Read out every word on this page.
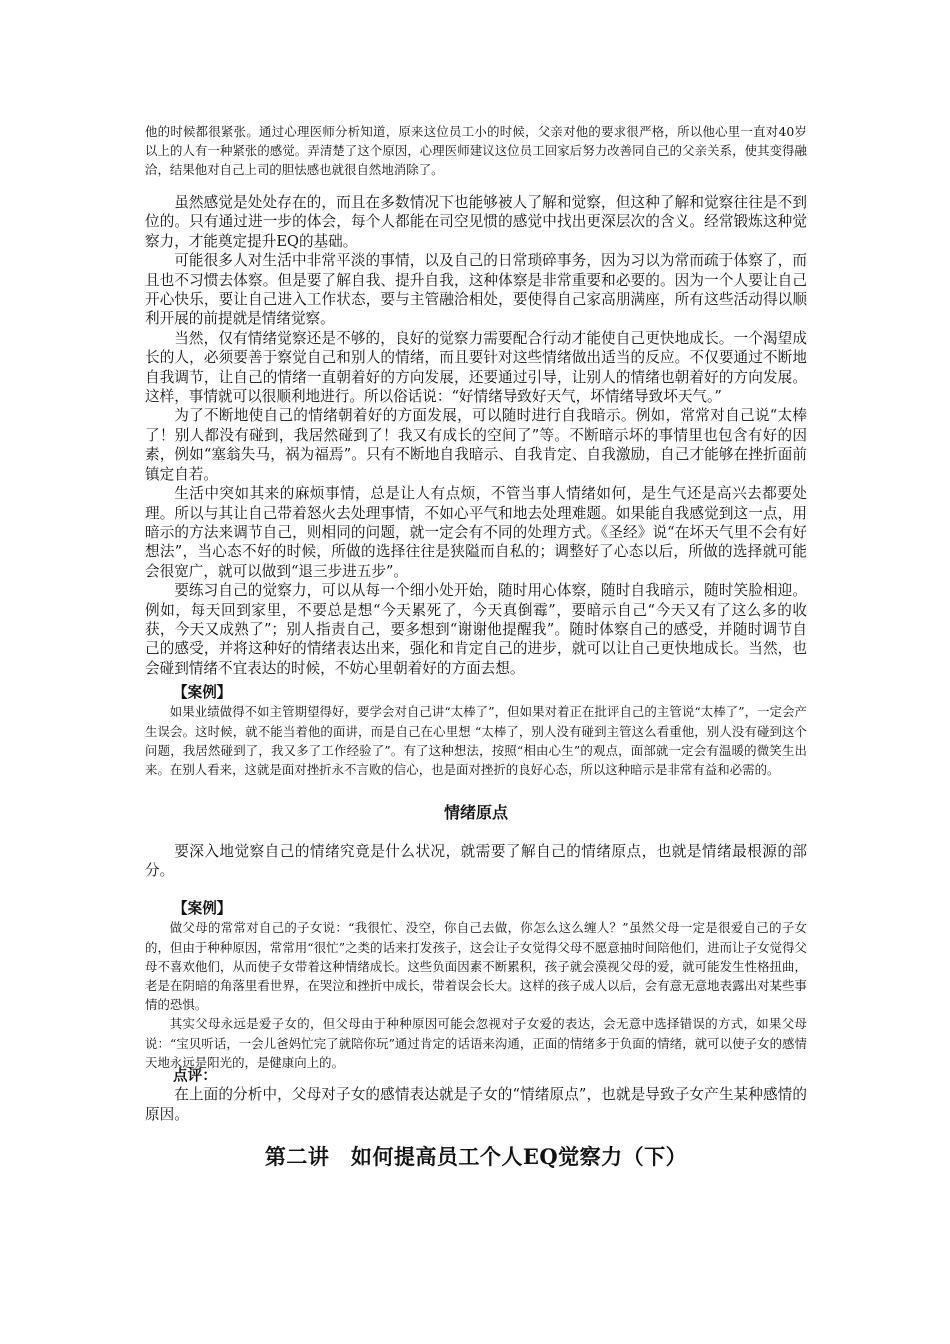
他的时候都很紧张。通过心理医师分析知道，原来这位员工小的时候，父亲对他的要求很严格，所以他心里一直对40岁以上的人有一种紧张的感觉。弄清楚了这个原因，心理医师建议这位员工回家后努力改善同自己的父亲关系，使其变得融洽，结果他对自己上司的胆怯感也就很自然地消除了。

虽然感觉是处处存在的，而且在多数情况下也能够被人了解和觉察，但这种了解和觉察往往是不到位的。只有通过进一步的体会，每个人都能在司空见惯的感觉中找出更深层次的含义。经常锻炼这种觉察力，才能奠定提升EQ的基础。

可能很多人对生活中非常平淡的事情，以及自己的日常琐碎事务，因为习以为常而疏于体察了，而且也不习惯去体察。但是要了解自我、提升自我，这种体察是非常重要和必要的。因为一个人要让自己开心快乐，要让自己进入工作状态，要与主管融洽相处，要使得自己家高朋满座，所有这些活动得以顺利开展的前提就是情绪觉察。

当然，仅有情绪觉察还是不够的，良好的觉察力需要配合行动才能使自己更快地成长。一个渴望成长的人，必须要善于察觉自己和别人的情绪，而且要针对这些情绪做出适当的反应。不仅要通过不断地自我调节，让自己的情绪一直朝着好的方向发展，还要通过引导，让别人的情绪也朝着好的方向发展。这样，事情就可以很顺利地进行。所以俗话说：“好情绪导致好天气，坏情绪导致坏天气。”

为了不断地使自己的情绪朝着好的方面发展，可以随时进行自我暗示。例如，常常对自己说“太棒了！别人都没有碰到，我居然碰到了！我又有成长的空间了”等。不断暗示坏的事情里也包含有好的因素，例如“塞翁失马，祸为福焉”。只有不断地自我暗示、自我肯定、自我激励，自己才能够在挫折面前镇定自若。

生活中突如其来的麻烦事情，总是让人有点烦，不管当事人情绪如何，是生气还是高兴去都要处理。所以与其让自己带着怒火去处理事情，不如心平气和地去处理难题。如果能自我感觉到这一点，用暗示的方法来调节自己，则相同的问题，就一定会有不同的处理方式。《圣经》说“在坏天气里不会有好想法”，当心态不好的时候，所做的选择往往是狭隘而自私的；调整好了心态以后，所做的选择就可能会很宽广，就可以做到“退三步进五步”。

要练习自己的觉察力，可以从每一个细小处开始，随时用心体察，随时自我暗示，随时笑脸相迎。例如，每天回到家里，不要总是想“今天累死了，今天真倒霉”，要暗示自己“今天又有了这么多的收获，今天又成熟了”；别人指责自己，要多想到“谢谢他提醒我”。随时体察自己的感受，并随时调节自己的感受，并将这种好的情绪表达出来，强化和肯定自己的进步，就可以让自己更快地成长。当然，也会碰到情绪不宜表达的时候，不妨心里朝着好的方面去想。

【案例】

如果业绩做得不如主管期望得好，要学会对自己讲“太棒了”，但如果对着正在批评自己的主管说“太棒了”，一定会产生误会。这时候，就不能当着他的面讲，而是自己在心里想 “太棒了，别人没有碰到主管这么看重他，别人没有碰到这个问题，我居然碰到了，我又多了工作经验了”。有了这种想法，按照“相由心生”的观点，面部就一定会有温暖的微笑生出来。在别人看来，这就是面对挫折永不言败的信心，也是面对挫折的良好心态，所以这种暗示是非常有益和必需的。

情绪原点

要深入地觉察自己的情绪究竟是什么状况，就需要了解自己的情绪原点，也就是情绪最根源的部分。

【案例】

做父母的常常对自己的子女说：“我很忙、没空，你自己去做，你怎么这么缠人？”虽然父母一定是很爱自己的子女的，但由于种种原因，常常用“很忙”之类的话来打发孩子，这会让子女觉得父母不愿意抽时间陪他们，进而让子女觉得父母不喜欢他们，从而使子女带着这种情绪成长。这些负面因素不断累积，孩子就会漠视父母的爱，就可能发生性格扭曲，老是在阴暗的角落里看世界，在哭泣和挫折中成长，带着误会长大。这样的孩子成人以后，会有意无意地表露出对某些事情的恐惧。

其实父母永远是爱子女的，但父母由于种种原因可能会忽视对子女爱的表达，会无意中选择错误的方式，如果父母说：“宝贝听话，一会儿爸妈忙完了就陪你玩”通过肯定的话语来沟通，正面的情绪多于负面的情绪，就可以使子女的感情天地永远是阳光的，是健康向上的。

点评：

在上面的分析中，父母对子女的感情表达就是子女的“情绪原点”，也就是导致子女产生某种感情的原因。

第二讲　如何提高员工个人EQ觉察力（下）
